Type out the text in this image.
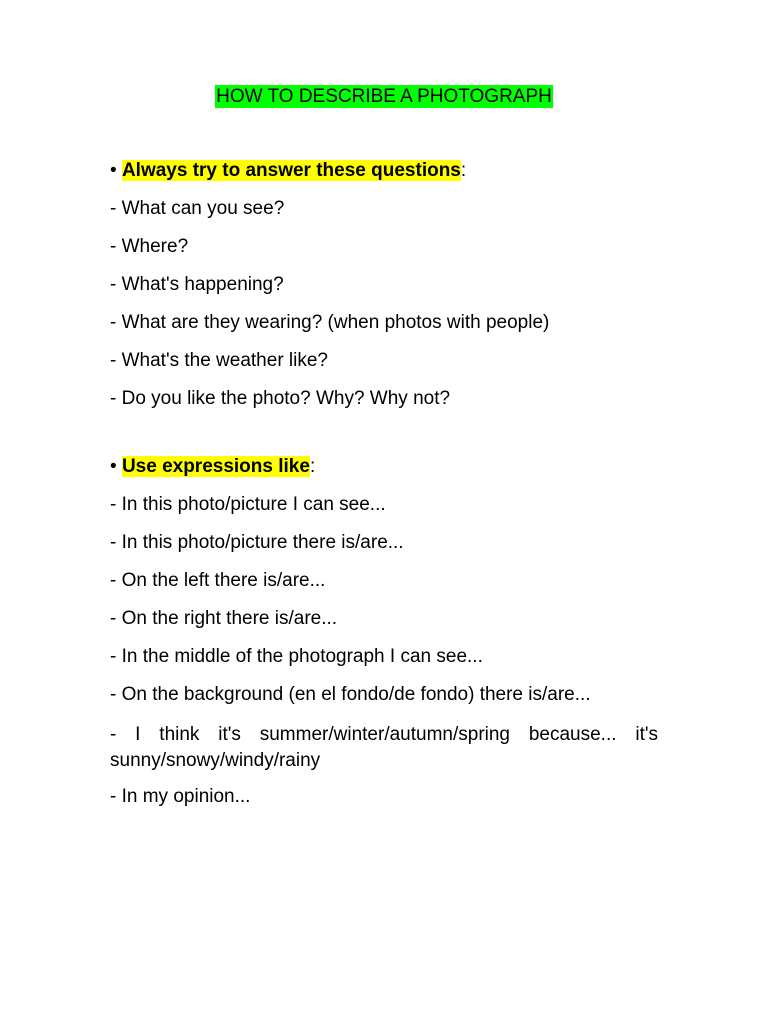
HOW TO DESCRIBE A PHOTOGRAPH
• Always try to answer these questions:
- What can you see?
- Where?
- What's happening?
- What are they wearing? (when photos with people)
- What's the weather like?
- Do you like the photo? Why? Why not?
• Use expressions like:
- In this photo/picture I can see...
- In this photo/picture there is/are...
- On the left there is/are...
- On the right there is/are...
- In the middle of the photograph I can see...
- On the background (en el fondo/de fondo) there is/are...
- I think it's summer/winter/autumn/spring because... it's sunny/snowy/windy/rainy
- In my opinion...
